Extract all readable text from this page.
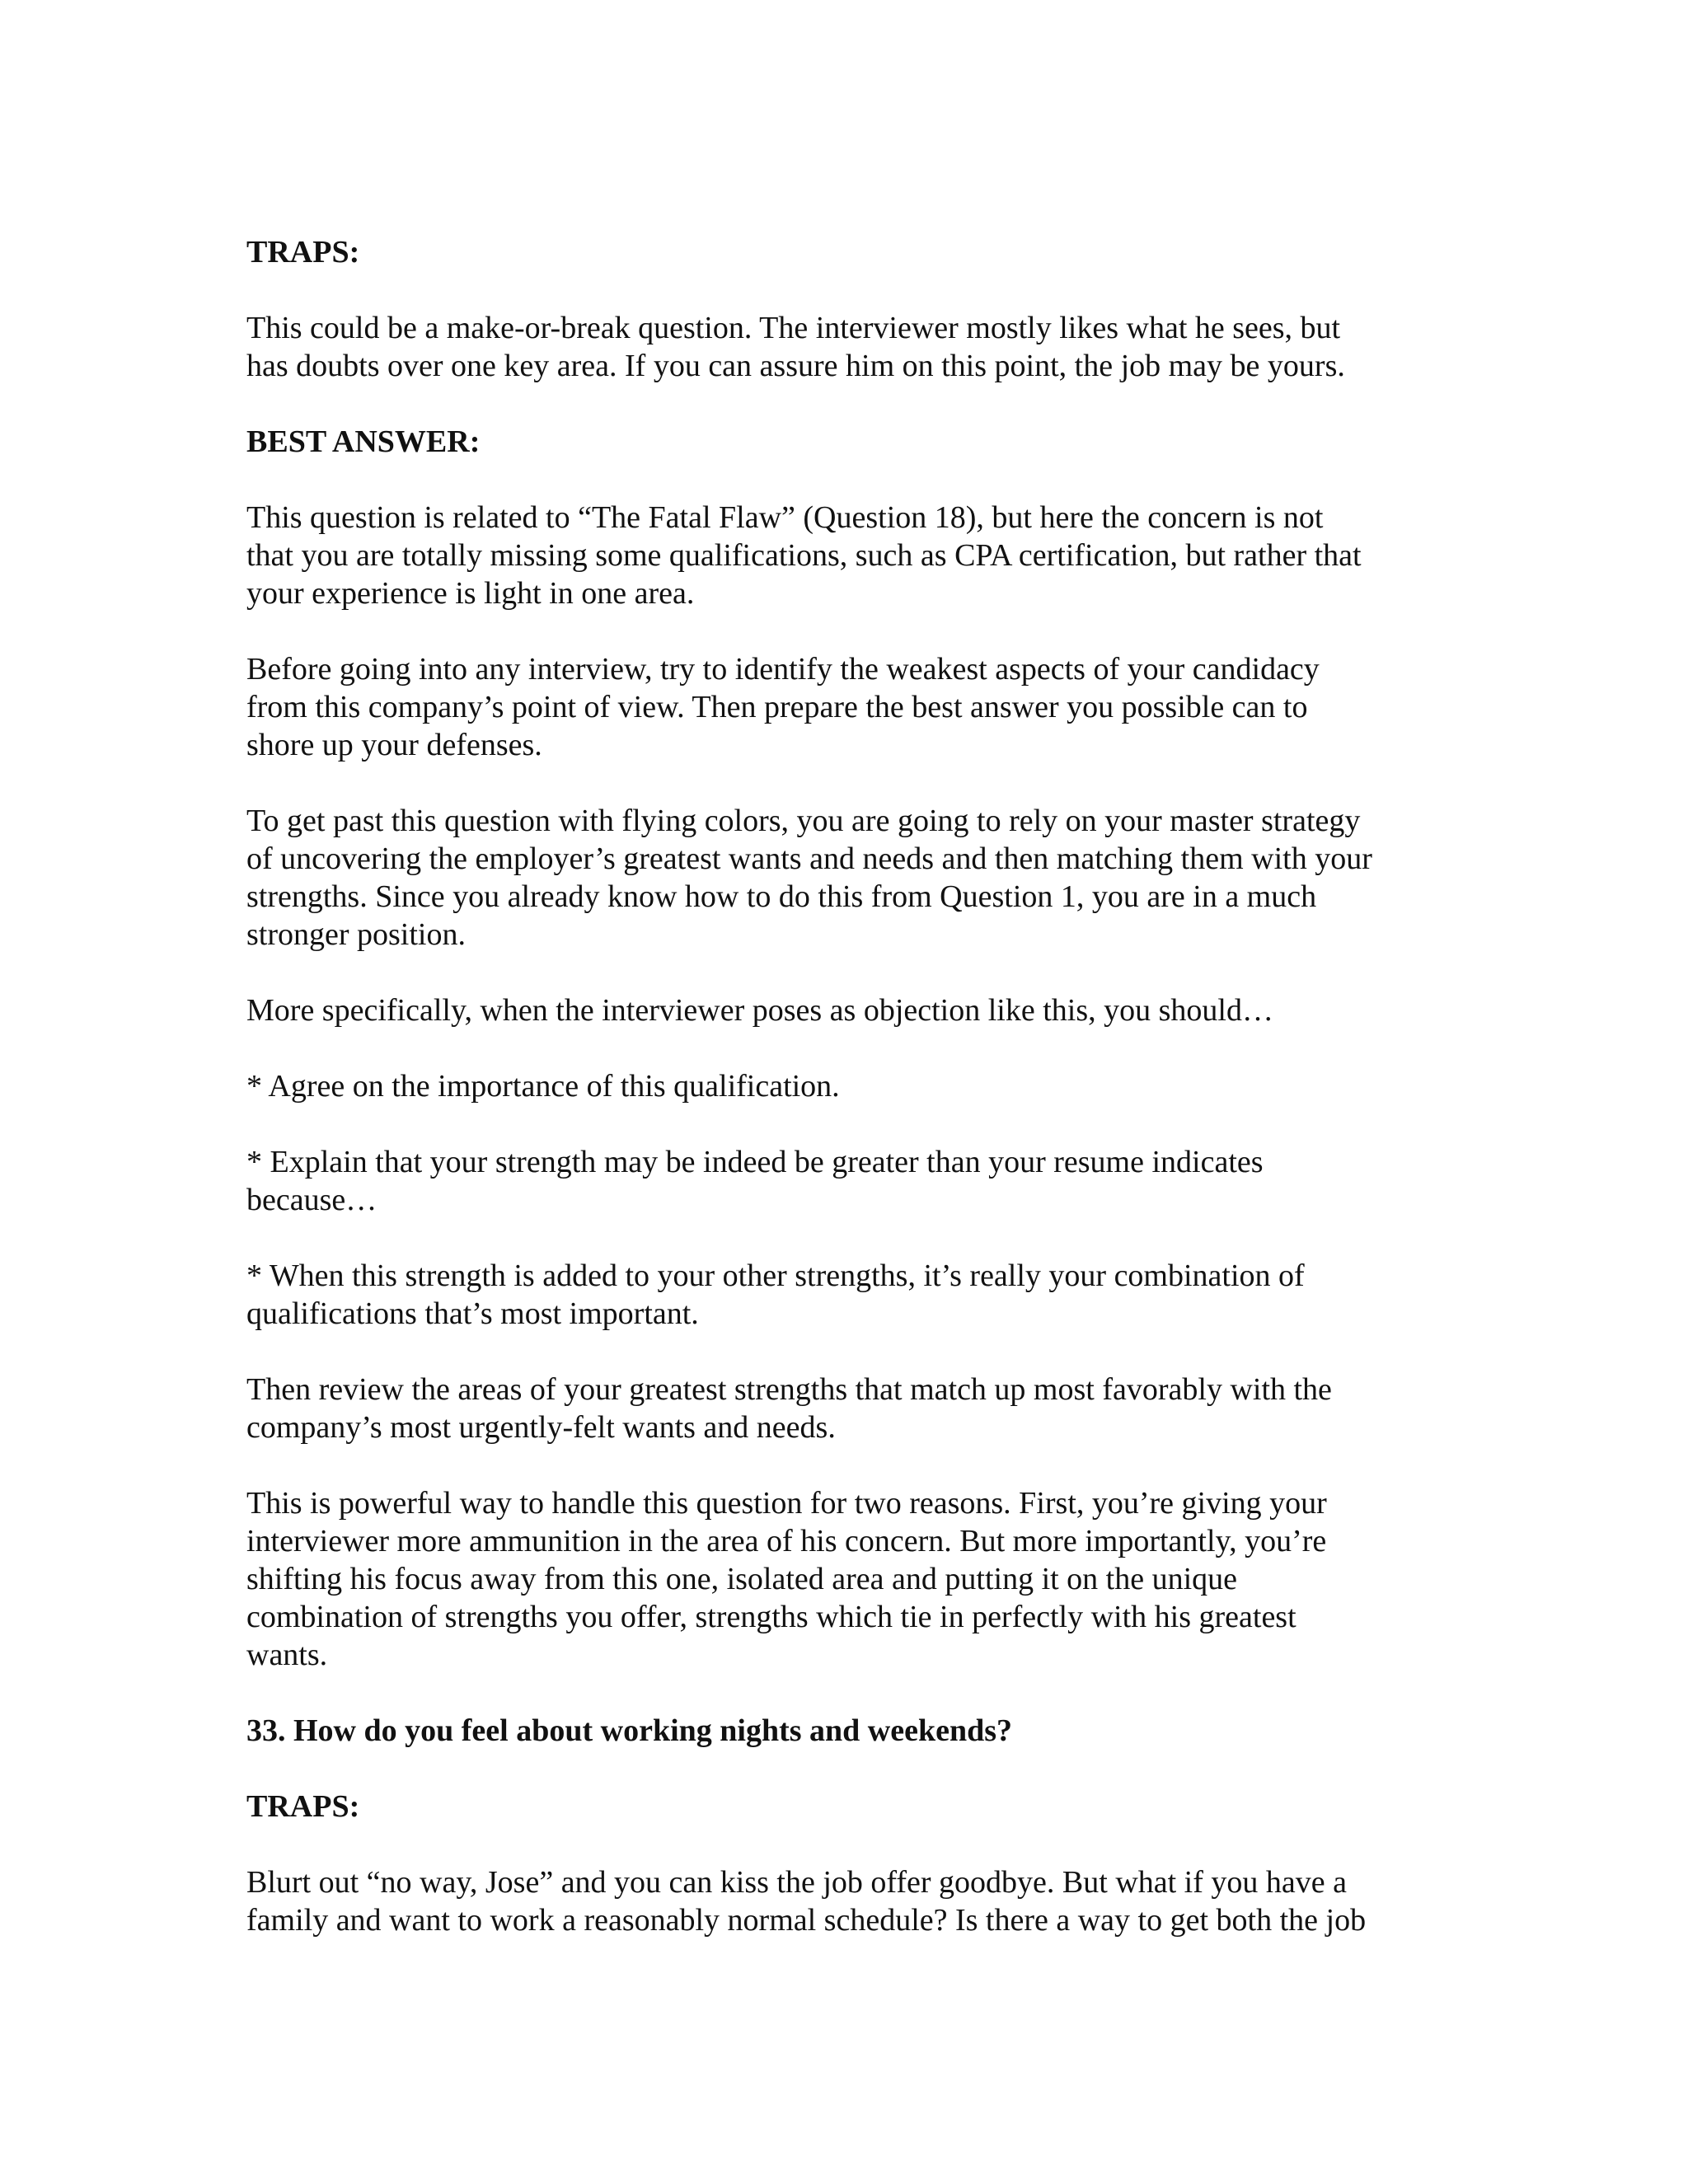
TRAPS:

This could be a make-or-break question. The interviewer mostly likes what he sees, but
has doubts over one key area. If you can assure him on this point, the job may be yours.

BEST ANSWER:

This question is related to “The Fatal Flaw” (Question 18), but here the concern is not
that you are totally missing some qualifications, such as CPA certification, but rather that
your experience is light in one area.

Before going into any interview, try to identify the weakest aspects of your candidacy
from this company’s point of view. Then prepare the best answer you possible can to
shore up your defenses.

To get past this question with flying colors, you are going to rely on your master strategy
of uncovering the employer’s greatest wants and needs and then matching them with your
strengths. Since you already know how to do this from Question 1, you are in a much
stronger position.

More specifically, when the interviewer poses as objection like this, you should…

* Agree on the importance of this qualification.

* Explain that your strength may be indeed be greater than your resume indicates
because…

* When this strength is added to your other strengths, it’s really your combination of
qualifications that’s most important.

Then review the areas of your greatest strengths that match up most favorably with the
company’s most urgently-felt wants and needs.

This is powerful way to handle this question for two reasons. First, you’re giving your
interviewer more ammunition in the area of his concern. But more importantly, you’re
shifting his focus away from this one, isolated area and putting it on the unique
combination of strengths you offer, strengths which tie in perfectly with his greatest
wants.

33. How do you feel about working nights and weekends?

TRAPS:

Blurt out “no way, Jose” and you can kiss the job offer goodbye. But what if you have a
family and want to work a reasonably normal schedule? Is there a way to get both the job
